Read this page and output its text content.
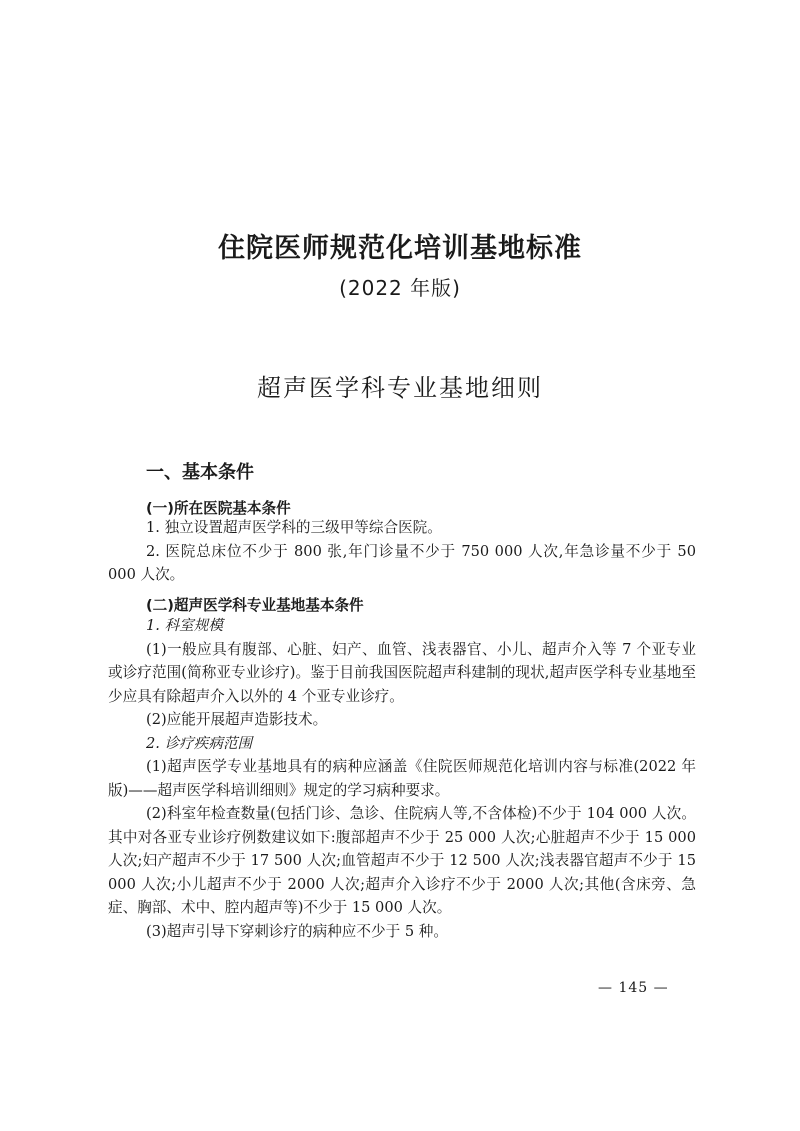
住院医师规范化培训基地标准
(2022 年版)
超声医学科专业基地细则
一、基本条件
(一)所在医院基本条件

1. 独立设置超声医学科的三级甲等综合医院。

2. 医院总床位不少于 800 张,年门诊量不少于 750 000 人次,年急诊量不少于 50 000 人次。

(二)超声医学科专业基地基本条件

1. 科室规模

(1)一般应具有腹部、心脏、妇产、血管、浅表器官、小儿、超声介入等 7 个亚专业或诊疗范围(简称亚专业诊疗)。鉴于目前我国医院超声科建制的现状,超声医学科专业基地至少应具有除超声介入以外的 4 个亚专业诊疗。

(2)应能开展超声造影技术。

2. 诊疗疾病范围

(1)超声医学专业基地具有的病种应涵盖《住院医师规范化培训内容与标准(2022 年版)——超声医学科培训细则》规定的学习病种要求。

(2)科室年检查数量(包括门诊、急诊、住院病人等,不含体检)不少于 104 000 人次。其中对各亚专业诊疗例数建议如下:腹部超声不少于 25 000 人次;心脏超声不少于 15 000 人次;妇产超声不少于 17 500 人次;血管超声不少于 12 500 人次;浅表器官超声不少于 15 000 人次;小儿超声不少于 2000 人次;超声介入诊疗不少于 2000 人次;其他(含床旁、急症、胸部、术中、腔内超声等)不少于 15 000 人次。

(3)超声引导下穿刺诊疗的病种应不少于 5 种。

— 145 —
